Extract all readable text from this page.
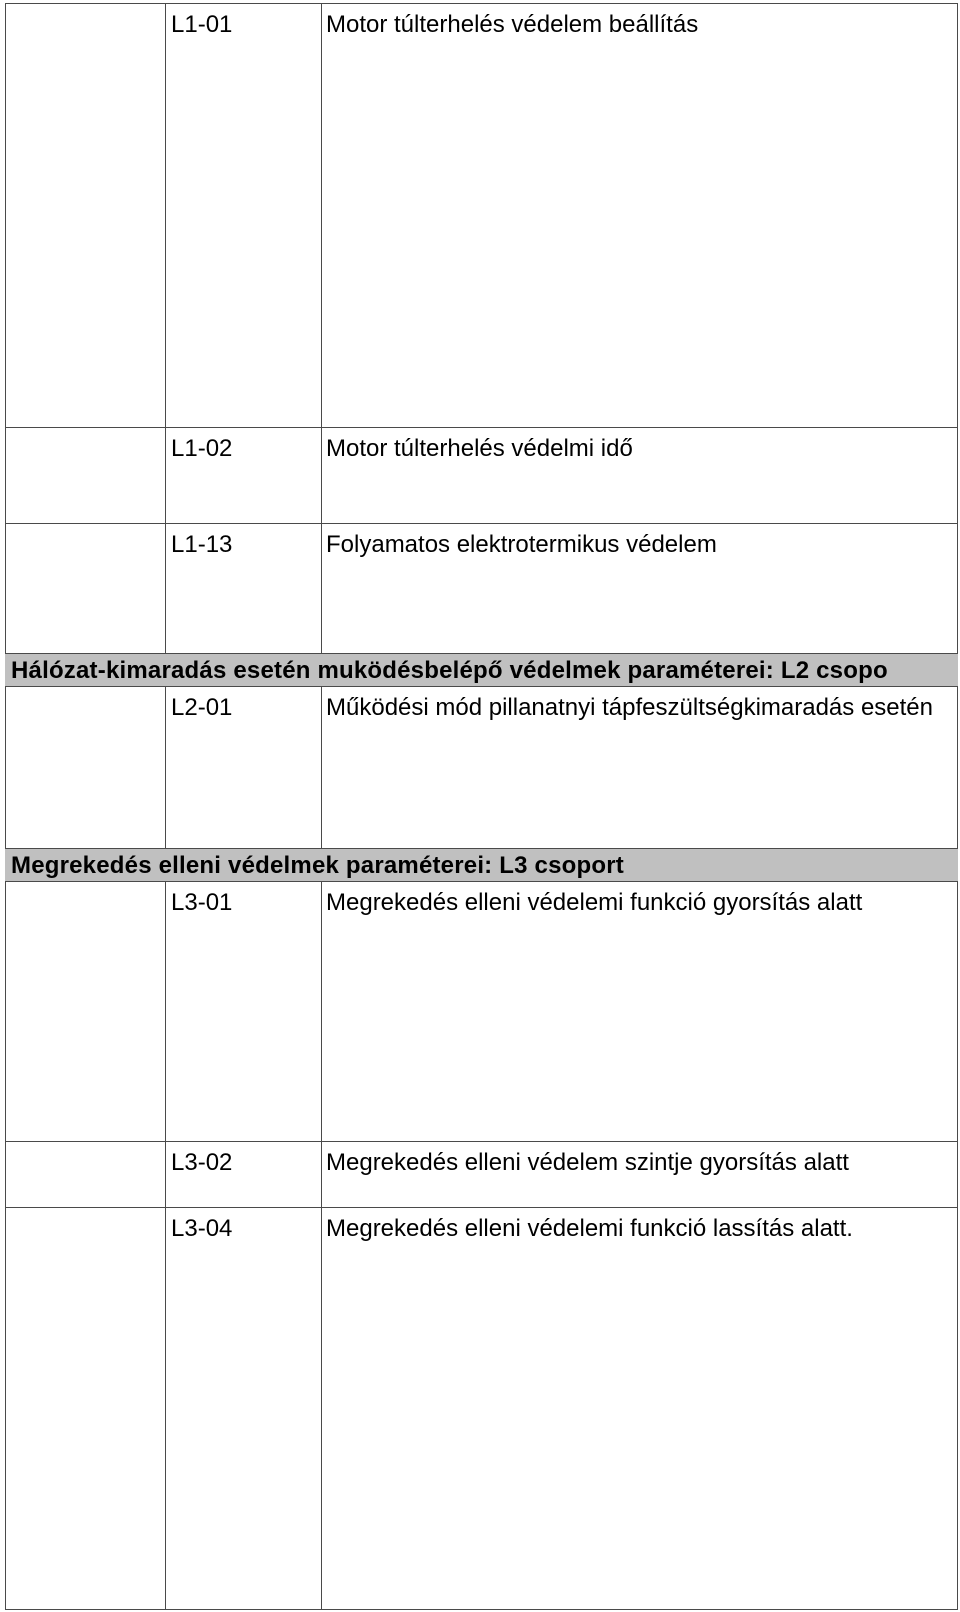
L1-01	Motor túlterhelés védelem beállítás
L1-02	Motor túlterhelés védelmi idő
L1-13	Folyamatos elektrotermikus védelem
Hálózat-kimaradás esetén muködésbelépő védelmek paraméterei: L2 csopo
L2-01	Működési mód pillanatnyi tápfeszültségkimaradás esetén
Megrekedés elleni védelmek paraméterei: L3 csoport
L3-01	Megrekedés elleni védelemi funkció gyorsítás alatt
L3-02	Megrekedés elleni védelem szintje gyorsítás alatt
L3-04	Megrekedés elleni védelemi funkció lassítás alatt.
